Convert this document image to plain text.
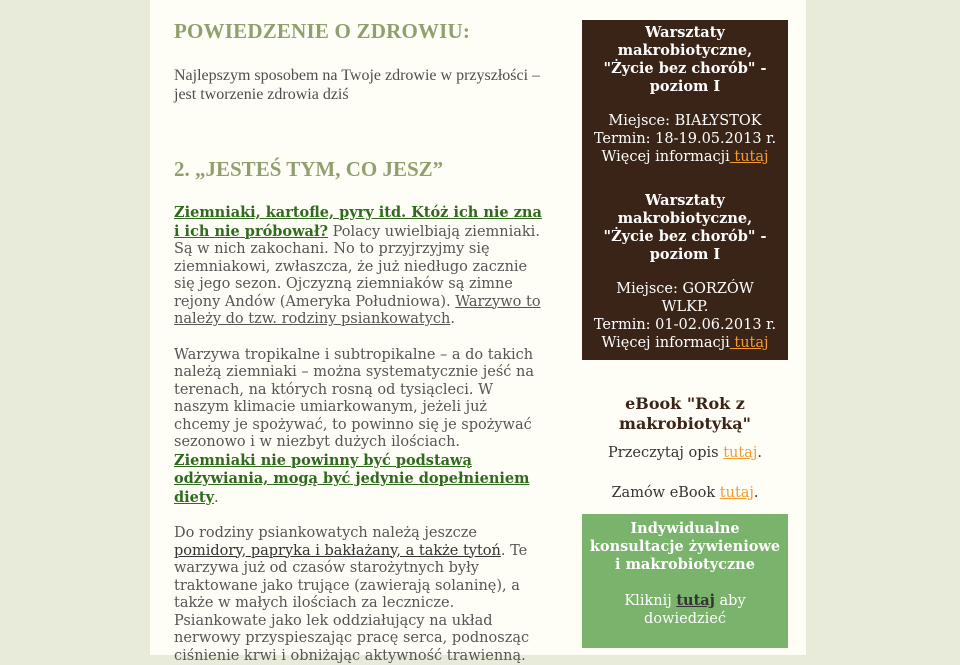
POWIEDZENIE O ZDROWIU:

Najlepszym sposobem na Twoje zdrowie w przyszłości – jest tworzenie zdrowia dziś

2. „JESTEŚ TYM, CO JESZ”

Ziemniaki, kartofle, pyry itd. Któż ich nie zna i ich nie próbował? Polacy uwielbiają ziemniaki. Są w nich zakochani. No to przyjrzyjmy się ziemniakowi, zwłaszcza, że już niedługo zacznie się jego sezon. Ojczyzną ziemniaków są zimne rejony Andów (Ameryka Południowa). Warzywo to należy do tzw. rodziny psiankowatych.

Warzywa tropikalne i subtropikalne – a do takich należą ziemniaki – można systematycznie jeść na terenach, na których rosną od tysiącleci. W naszym klimacie umiarkowanym, jeżeli już chcemy je spożywać, to powinno się je spożywać sezonowo i w niezbyt dużych ilościach. Ziemniaki nie powinny być podstawą odżywiania, mogą być jedynie dopełnieniem diety.

Do rodziny psiankowatych należą jeszcze pomidory, papryka i bakłażany, a także tytoń. Te warzywa już od czasów starożytnych były traktowane jako trujące (zawierają solaninę), a także w małych ilościach za lecznicze. Psiankowate jako lek oddziałujący na układ nerwowy przyspieszając pracę serca, podnosząc ciśnienie krwi i obniżając aktywność trawienną.

Warsztaty makrobiotyczne, "Życie bez chorób" - poziom I
Miejsce: BIAŁYSTOK
Termin: 18-19.05.2013 r.
Więcej informacji tutaj
Warsztaty makrobiotyczne, "Życie bez chorób" - poziom I
Miejsce: GORZÓW WLKP.
Termin: 01-02.06.2013 r.
Więcej informacji tutaj
eBook "Rok z makrobiotyką"

Przeczytaj opis tutaj.

Zamów eBook tutaj.

Indywidualne konsultacje żywieniowe i makrobiotyczne
Kliknij tutaj aby dowiedzieć
